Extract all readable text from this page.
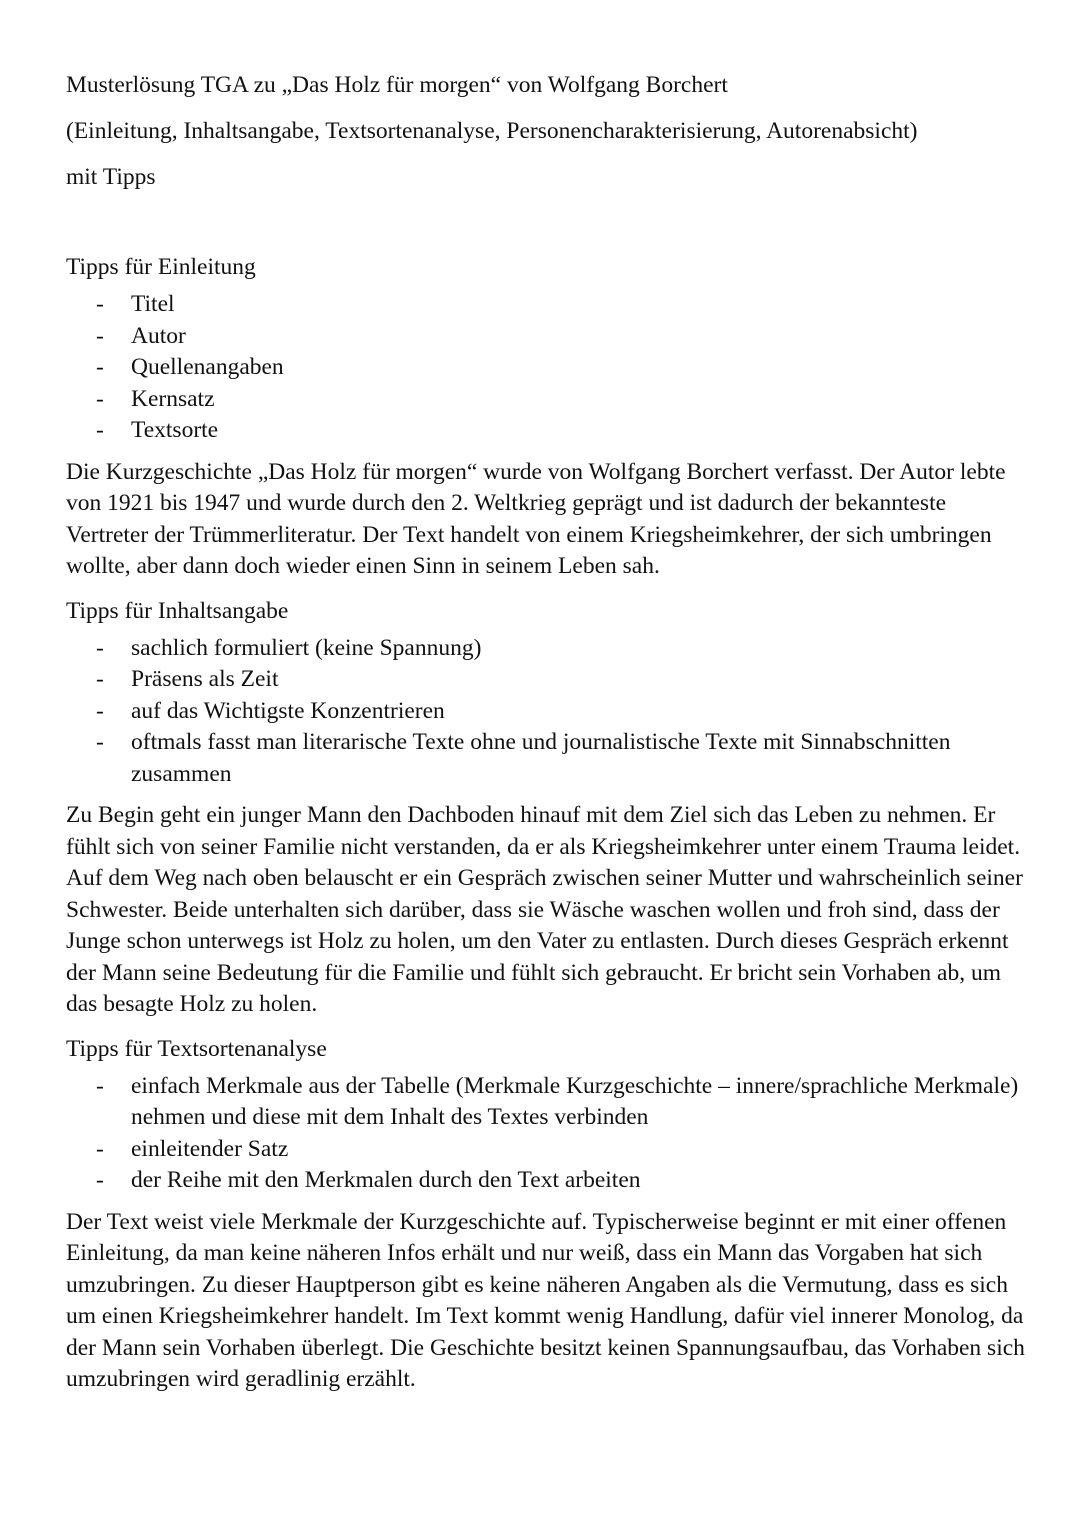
Musterlösung TGA zu „Das Holz für morgen“ von Wolfgang Borchert

(Einleitung, Inhaltsangabe, Textsortenanalyse, Personencharakterisierung, Autorenabsicht)

mit Tipps

Tipps für Einleitung

- Titel
- Autor
- Quellenangaben
- Kernsatz
- Textsorte

Die Kurzgeschichte „Das Holz für morgen“ wurde von Wolfgang Borchert verfasst. Der Autor lebte von 1921 bis 1947 und wurde durch den 2. Weltkrieg geprägt und ist dadurch der bekannteste Vertreter der Trümmerliteratur. Der Text handelt von einem Kriegsheimkehrer, der sich umbringen wollte, aber dann doch wieder einen Sinn in seinem Leben sah.

Tipps für Inhaltsangabe

- sachlich formuliert (keine Spannung)
- Präsens als Zeit
- auf das Wichtigste Konzentrieren
- oftmals fasst man literarische Texte ohne und journalistische Texte mit Sinnabschnitten zusammen

Zu Begin geht ein junger Mann den Dachboden hinauf mit dem Ziel sich das Leben zu nehmen. Er fühlt sich von seiner Familie nicht verstanden, da er als Kriegsheimkehrer unter einem Trauma leidet. Auf dem Weg nach oben belauscht er ein Gespräch zwischen seiner Mutter und wahrscheinlich seiner Schwester. Beide unterhalten sich darüber, dass sie Wäsche waschen wollen und froh sind, dass der Junge schon unterwegs ist Holz zu holen, um den Vater zu entlasten. Durch dieses Gespräch erkennt der Mann seine Bedeutung für die Familie und fühlt sich gebraucht. Er bricht sein Vorhaben ab, um das besagte Holz zu holen.

Tipps für Textsortenanalyse

- einfach Merkmale aus der Tabelle (Merkmale Kurzgeschichte – innere/sprachliche Merkmale) nehmen und diese mit dem Inhalt des Textes verbinden
- einleitender Satz
- der Reihe mit den Merkmalen durch den Text arbeiten

Der Text weist viele Merkmale der Kurzgeschichte auf. Typischerweise beginnt er mit einer offenen Einleitung, da man keine näheren Infos erhält und nur weiß, dass ein Mann das Vorgaben hat sich umzubringen. Zu dieser Hauptperson gibt es keine näheren Angaben als die Vermutung, dass es sich um einen Kriegsheimkehrer handelt. Im Text kommt wenig Handlung, dafür viel innerer Monolog, da der Mann sein Vorhaben überlegt. Die Geschichte besitzt keinen Spannungsaufbau, das Vorhaben sich umzubringen wird geradlinig erzählt.
